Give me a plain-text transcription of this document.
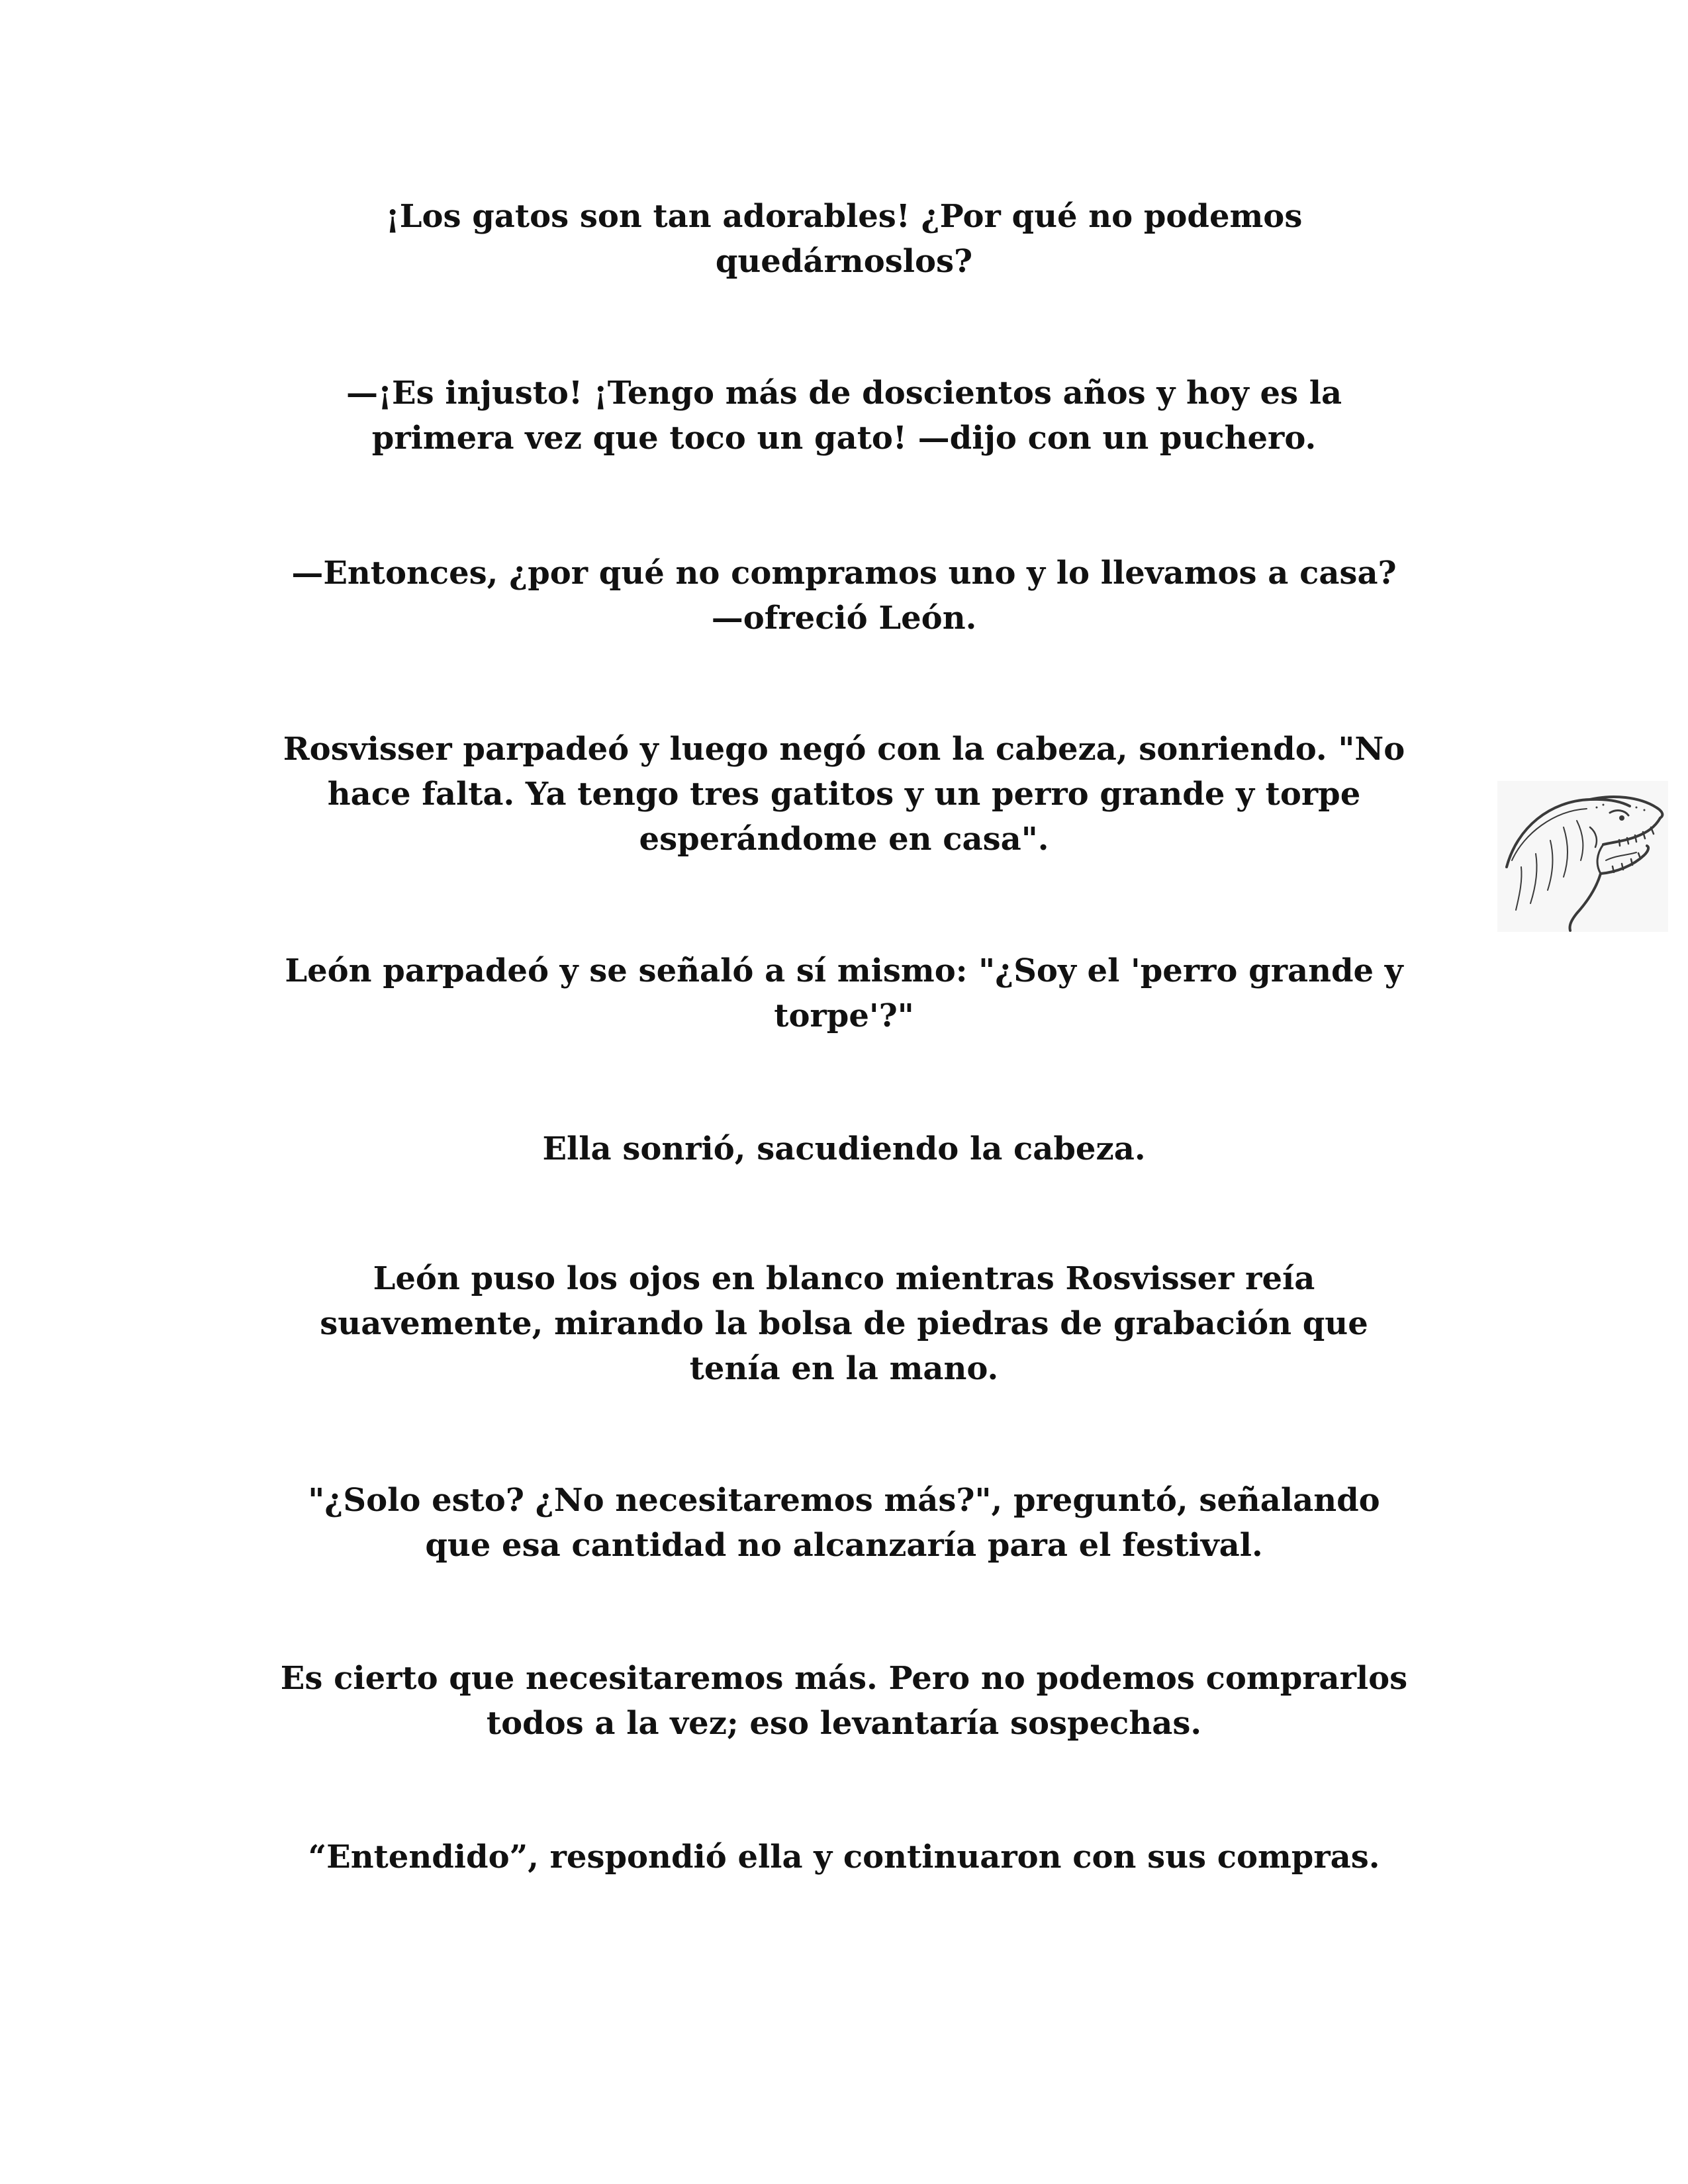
¡Los gatos son tan adorables! ¿Por qué no podemos
quedárnoslos?

—¡Es injusto! ¡Tengo más de doscientos años y hoy es la
primera vez que toco un gato! —dijo con un puchero.

—Entonces, ¿por qué no compramos uno y lo llevamos a casa?
—ofreció León.

Rosvisser parpadeó y luego negó con la cabeza, sonriendo. "No
hace falta. Ya tengo tres gatitos y un perro grande y torpe
esperándome en casa".

León parpadeó y se señaló a sí mismo: "¿Soy el 'perro grande y
torpe'?"

Ella sonrió, sacudiendo la cabeza.

León puso los ojos en blanco mientras Rosvisser reía
suavemente, mirando la bolsa de piedras de grabación que
tenía en la mano.

"¿Solo esto? ¿No necesitaremos más?", preguntó, señalando
que esa cantidad no alcanzaría para el festival.

Es cierto que necesitaremos más. Pero no podemos comprarlos
todos a la vez; eso levantaría sospechas.

“Entendido”, respondió ella y continuaron con sus compras.
